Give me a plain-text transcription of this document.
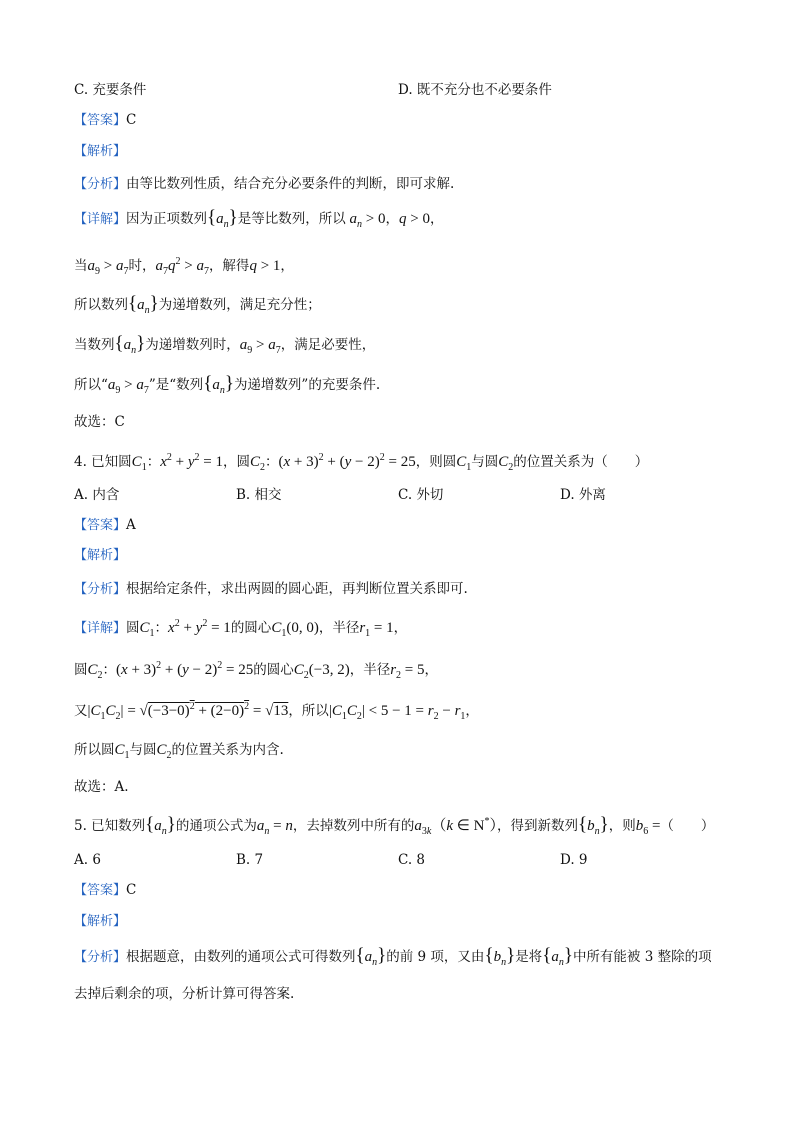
C. 充要条件	D. 既不充分也不必要条件
【答案】C
【解析】
【分析】由等比数列性质，结合充分必要条件的判断，即可求解.
【详解】因为正项数列$\{a_n\}$是等比数列，所以 $a_n > 0$，q > 0，
当$a_9 > a_7$时，$a_7q^2 > a_7$，解得q > 1，
所以数列$\{a_n\}$为递增数列，满足充分性；
当数列$\{a_n\}$为递增数列时，$a_9 > a_7$，满足必要性，
所以“$a_9 > a_7$”是“数列$\{a_n\}$为递增数列”的充要条件.
故选：C
4. 已知圆$C_1$：$x^2 + y^2 = 1$，圆$C_2$：$(x + 3)^2 + (y - 2)^2 = 25$，则圆$C_1$与圆$C_2$的位置关系为（　　）
A. 内含	B. 相交	C. 外切	D. 外离
【答案】A
【解析】
【分析】根据给定条件，求出两圆的圆心距，再判断位置关系即可.
【详解】圆$C_1$：$x^2 + y^2 = 1$的圆心$C_1(0$, 0)，半径$r_1 = 1$，
圆$C_2$：$(x + 3)^2 + (y - 2)^2 = 25$的圆心$C_2(-3$, 2)，半径$r_2 = 5$，
又$|C_1C_2| = √(-3-0)^2 + (2-0)^2 = √13$，所以$|C_1C_2| < 5 - 1 = r_2 - r_1$，
所以圆$C_1$与圆$C_2$的位置关系为内含.
故选：A.
5. 已知数列$\{a_n\}$的通项公式为$a_n = n$，去掉数列中所有的$a_{3k}(k$ ∈ N*），得到新数列$\{b_n\}$，则$b_6$ =（　　）
A. 6	B. 7	C. 8	D. 9
【答案】C
【解析】
【分析】根据题意，由数列的通项公式可得数列$\{a_n\}$的前 9 项，又由$\{b_n\}$是将$\{a_n\}$中所有能被 3 整除的项
去掉后剩余的项，分析计算可得答案.
